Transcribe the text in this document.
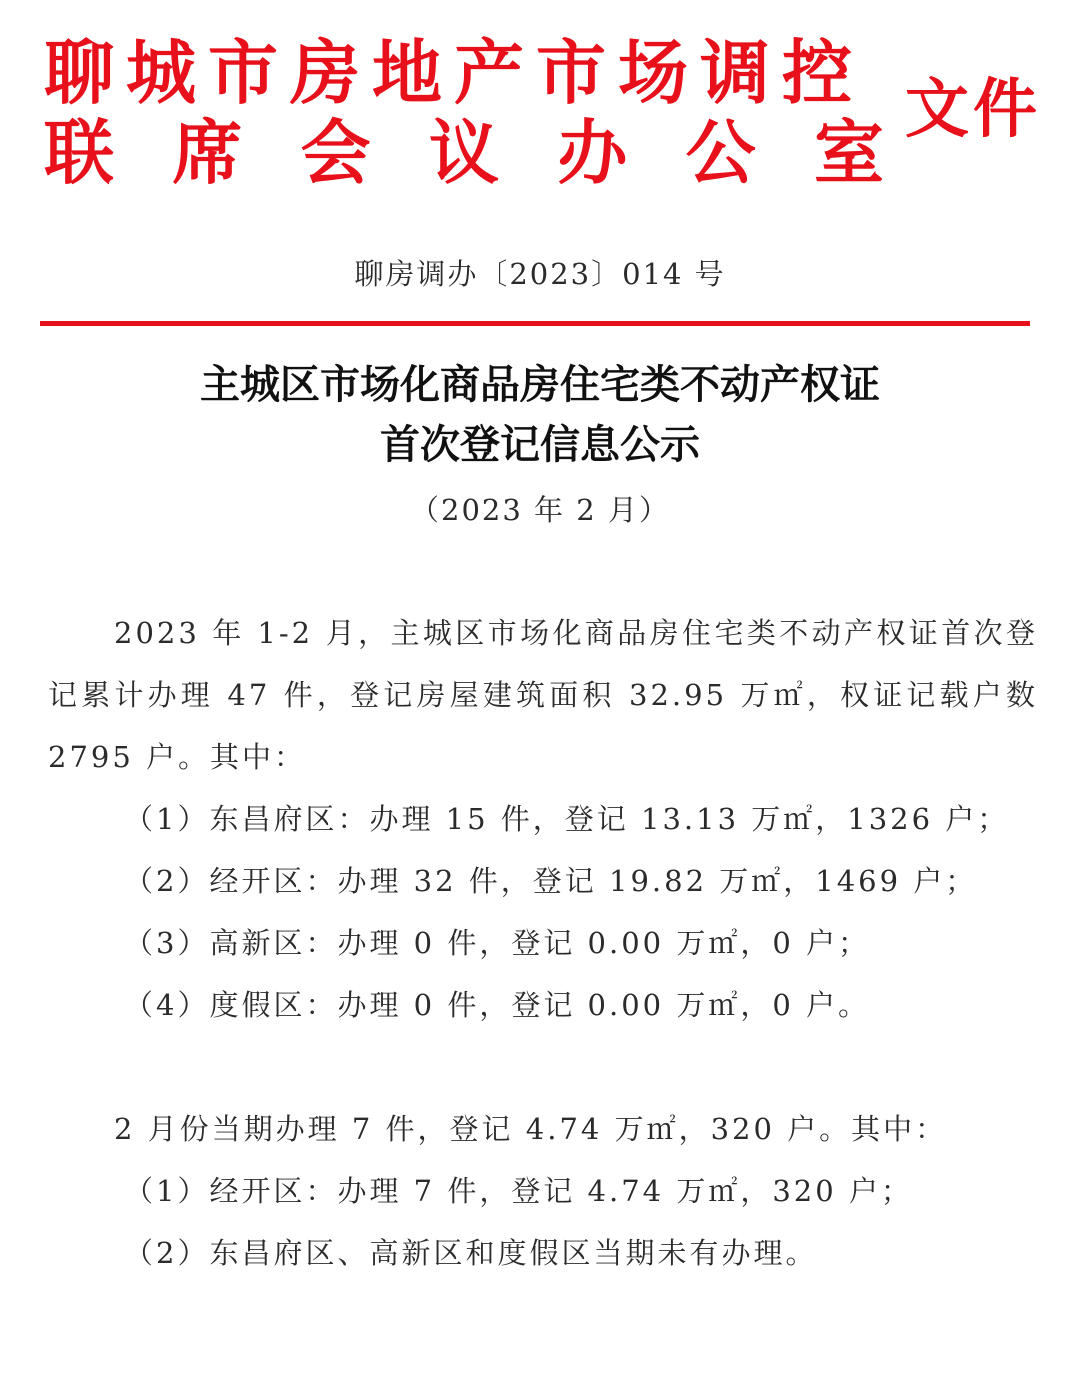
聊城市房地产市场调控
联 席 会 议 办 公 室
文件
聊房调办〔2023〕014 号
主城区市场化商品房住宅类不动产权证
首次登记信息公示
（2023 年 2 月）
2023 年 1-2 月，主城区市场化商品房住宅类不动产权证首次登记累计办理 47 件，登记房屋建筑面积 32.95 万㎡，权证记载户数 2795 户。其中：
（1）东昌府区：办理 15 件，登记 13.13 万㎡，1326 户；
（2）经开区：办理 32 件，登记 19.82 万㎡，1469 户；
（3）高新区：办理 0 件，登记 0.00 万㎡，0 户；
（4）度假区：办理 0 件，登记 0.00 万㎡，0 户。
2 月份当期办理 7 件，登记 4.74 万㎡，320 户。其中：
（1）经开区：办理 7 件，登记 4.74 万㎡，320 户；
（2）东昌府区、高新区和度假区当期未有办理。
